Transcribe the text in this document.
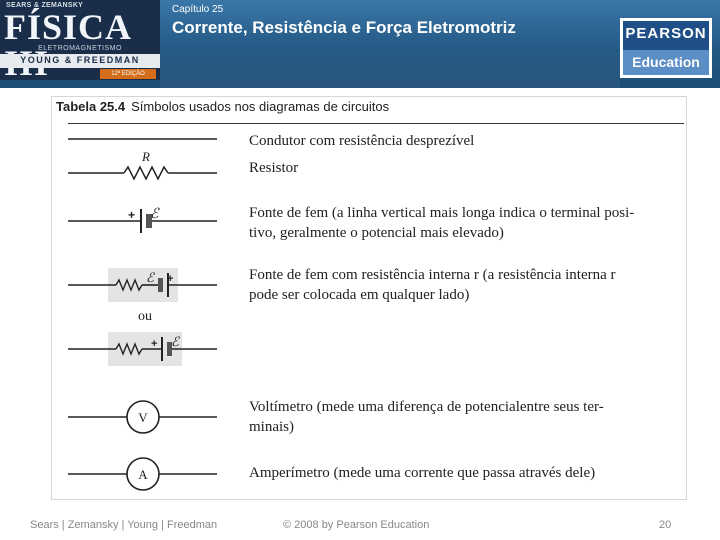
SEARS & ZEMANSKY
FÍSICA
ELETROMAGNETISMO
YOUNG & FREEDMAN
12ª EDIÇÃO
Capítulo 25
Corrente, Resistência e Força Eletromotriz	PEARSON
Education
Tabela 25.4 Símbolos usados nos diagramas de circuitos
R
+ ℰ
ℰ +
+ ℰ
V
A
ou
Condutor com resistência desprezível
Resistor
Fonte de fem (a linha vertical mais longa indica o terminal posi-
tivo, geralmente o potencial mais elevado)
Fonte de fem com resistência interna r (a resistência interna r
pode ser colocada em qualquer lado)
Voltímetro (mede uma diferença de potencialentre seus ter-
minais)
Amperímetro (mede uma corrente que passa através dele)
Sears | Zemansky | Young | Freedman	© 2008 by Pearson Education	20
